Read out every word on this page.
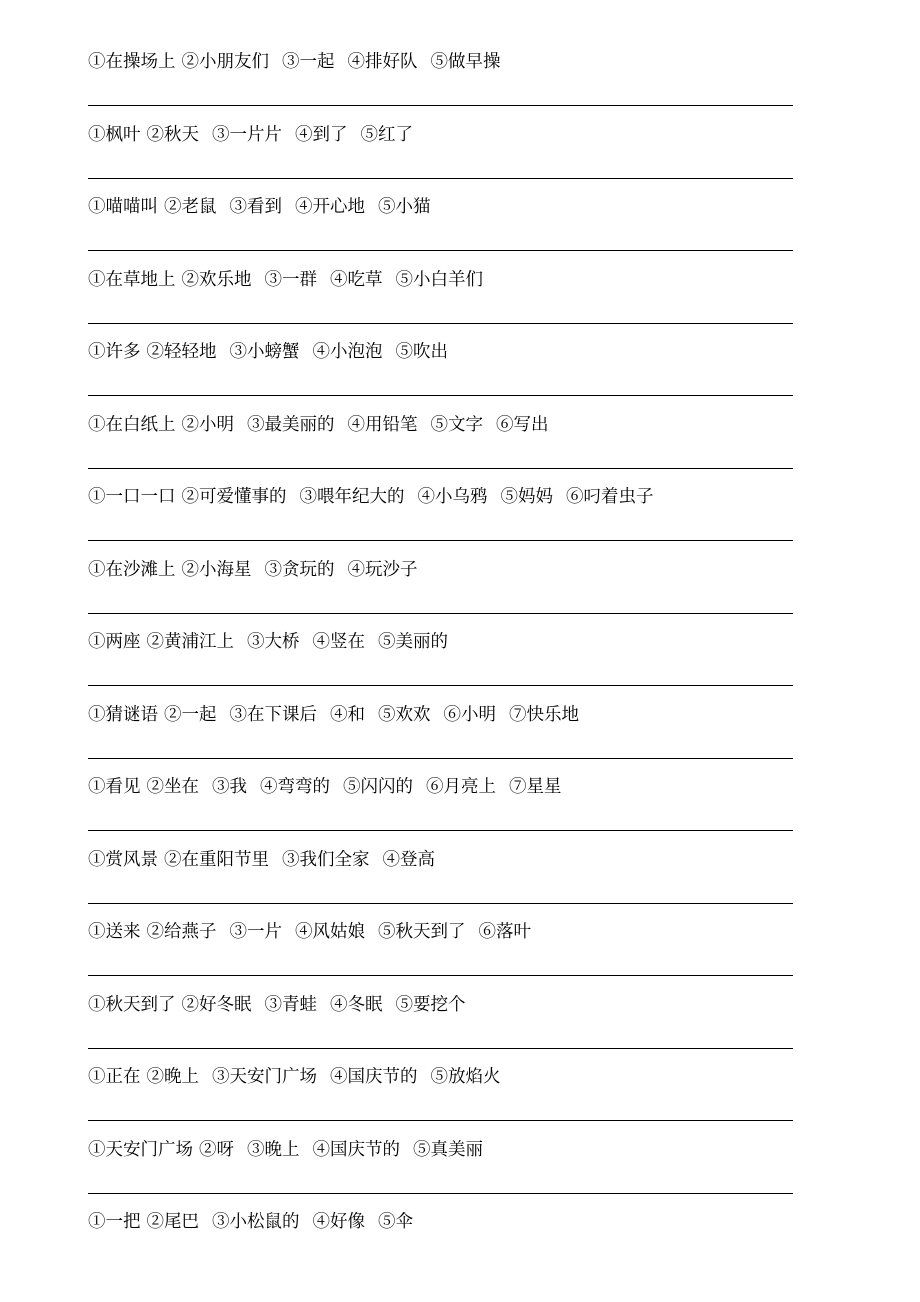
①在操场上 ②小朋友们 ③一起 ④排好队 ⑤做早操
①枫叶 ②秋天 ③一片片 ④到了 ⑤红了
①喵喵叫 ②老鼠 ③看到 ④开心地 ⑤小猫
①在草地上 ②欢乐地 ③一群 ④吃草 ⑤小白羊们
①许多 ②轻轻地 ③小螃蟹 ④小泡泡 ⑤吹出
①在白纸上 ②小明 ③最美丽的 ④用铅笔 ⑤文字 ⑥写出
①一口一口 ②可爱懂事的 ③喂年纪大的 ④小乌鸦 ⑤妈妈 ⑥叼着虫子
①在沙滩上 ②小海星 ③贪玩的 ④玩沙子
①两座 ②黄浦江上 ③大桥 ④竖在 ⑤美丽的
①猜谜语 ②一起 ③在下课后 ④和 ⑤欢欢 ⑥小明 ⑦快乐地
①看见 ②坐在 ③我 ④弯弯的 ⑤闪闪的 ⑥月亮上 ⑦星星
①赏风景 ②在重阳节里 ③我们全家 ④登高
①送来 ②给燕子 ③一片 ④风姑娘 ⑤秋天到了 ⑥落叶
①秋天到了 ②好冬眠 ③青蛙 ④冬眠 ⑤要挖个
①正在 ②晚上 ③天安门广场 ④国庆节的 ⑤放焰火
①天安门广场 ②呀 ③晚上 ④国庆节的 ⑤真美丽
①一把 ②尾巴 ③小松鼠的 ④好像 ⑤伞
